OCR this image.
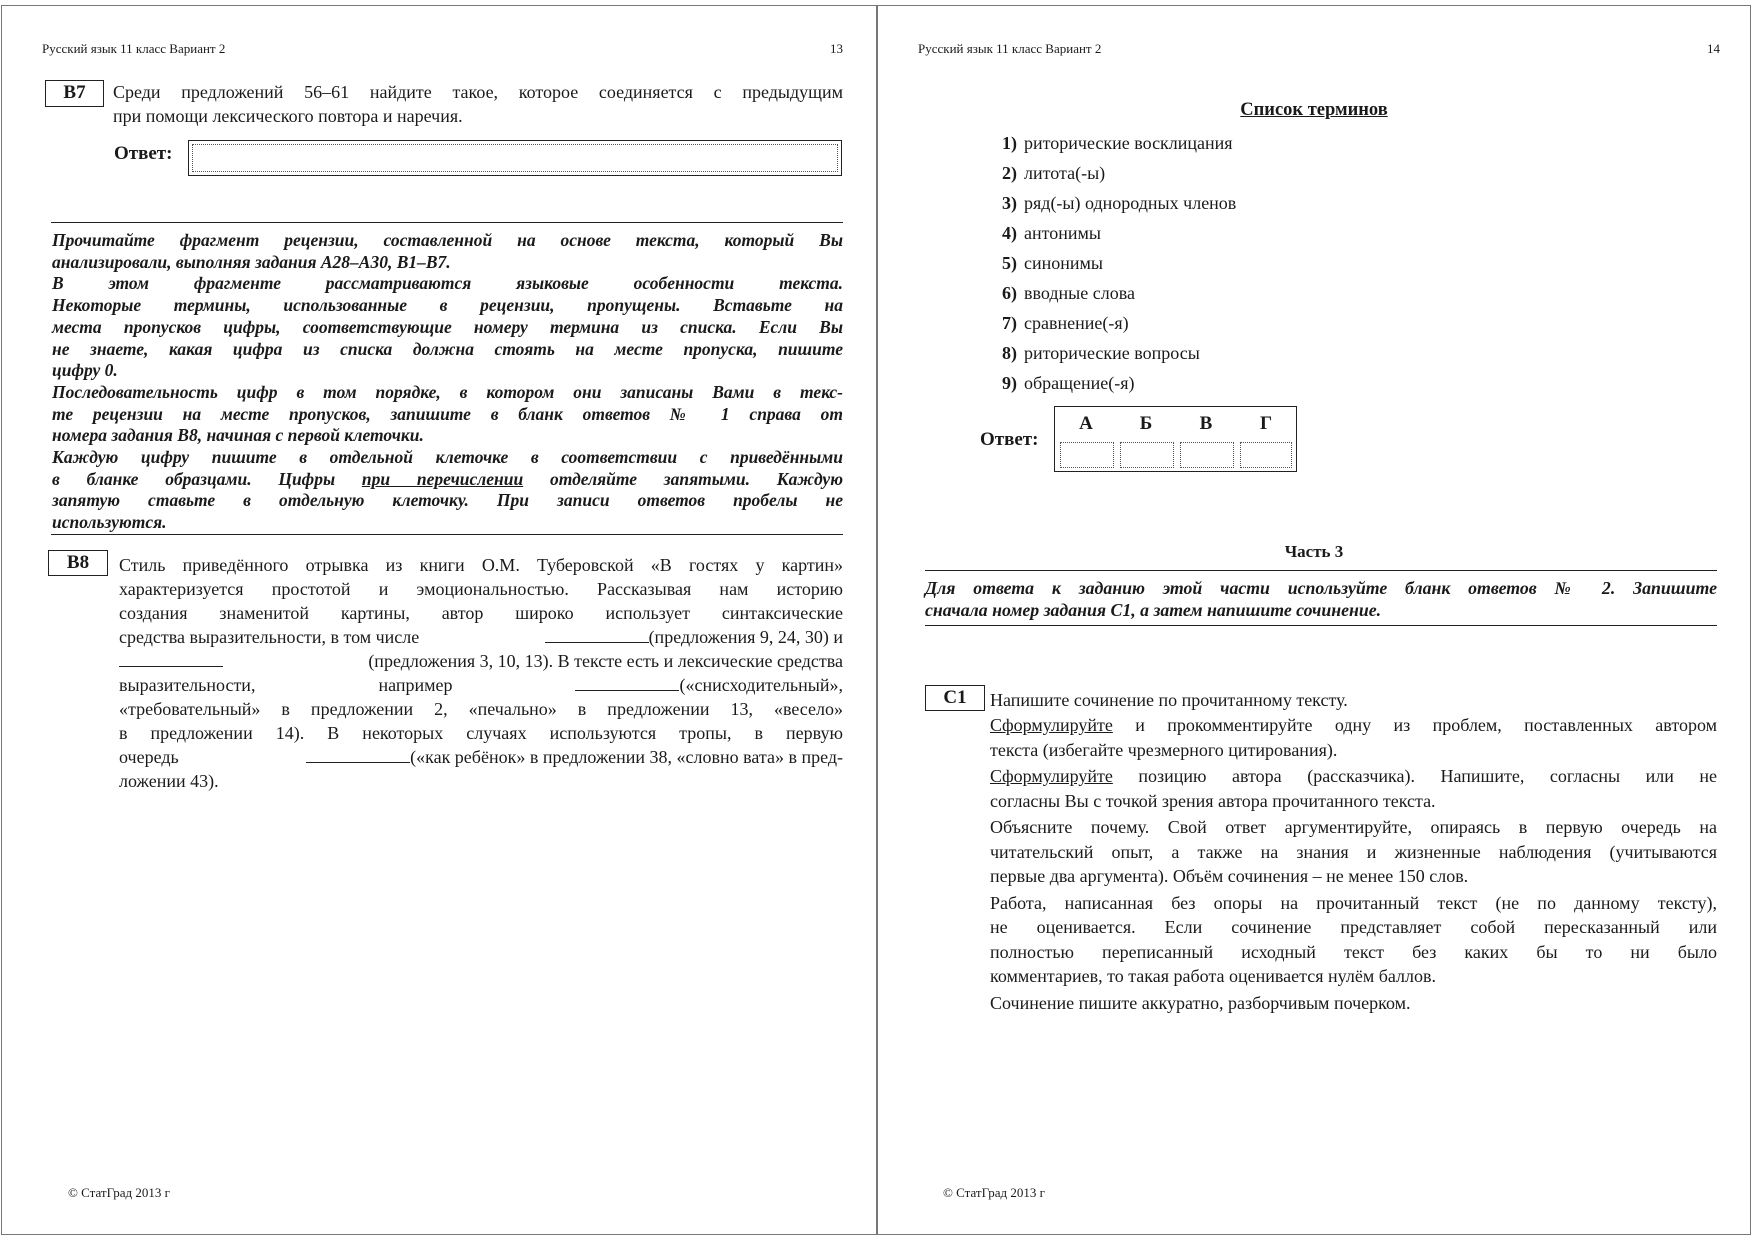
Русский язык 11 класс Вариант 2	13
B7	Среди предложений 56–61 найдите такое, которое соединяется с предыдущим
при помощи лексического повтора и наречия.
Ответ:
Прочитайте фрагмент рецензии, составленной на основе текста, который Вы
анализировали, выполняя задания А28–А30, В1–В7.
В этом фрагменте рассматриваются языковые особенности текста.
Некоторые термины, использованные в рецензии, пропущены. Вставьте на
места пропусков цифры, соответствующие номеру термина из списка. Если Вы
не знаете, какая цифра из списка должна стоять на месте пропуска, пишите
цифру 0.
Последовательность цифр в том порядке, в котором они записаны Вами в текс-
те рецензии на месте пропусков, запишите в бланк ответов № 1 справа от
номера задания В8, начиная с первой клеточки.
Каждую цифру пишите в отдельной клеточке в соответствии с приведёнными
в бланке образцами. Цифры при перечислении отделяйте запятыми. Каждую
запятую ставьте в отдельную клеточку. При записи ответов пробелы не
используются.
B8	Стиль приведённого отрывка из книги О.М. Туберовской «В гостях у картин»
характеризуется простотой и эмоциональностью. Рассказывая нам историю
создания знаменитой картины, автор широко использует синтаксические
средства выразительности, в том числе	(предложения 9, 24, 30) и
(предложения 3, 10, 13). В тексте есть и лексические средства
выразительности,	например	(«снисходительный»,
«требовательный» в предложении 2, «печально» в предложении 13, «весело»
в предложении 14). В некоторых случаях используются тропы, в первую
очередь	(«как ребёнок» в предложении 38, «словно вата» в пред-
ложении 43).
© СтатГрад 2013 г
Русский язык 11 класс Вариант 2	14
Список терминов
1) риторические восклицания
2) литота(-ы)
3) ряд(-ы) однородных членов
4) антонимы
5) синонимы
6) вводные слова
7) сравнение(-я)
8) риторические вопросы
9) обращение(-я)
Ответ:
А	Б	В	Г
Часть 3
Для ответа к заданию этой части используйте бланк ответов № 2. Запишите
сначала номер задания С1, а затем напишите сочинение.
C1	Напишите сочинение по прочитанному тексту.
Сформулируйте и прокомментируйте одну из проблем, поставленных автором
текста (избегайте чрезмерного цитирования).
Сформулируйте позицию автора (рассказчика). Напишите, согласны или не
согласны Вы с точкой зрения автора прочитанного текста.
Объясните почему. Свой ответ аргументируйте, опираясь в первую очередь на
читательский опыт, а также на знания и жизненные наблюдения (учитываются
первые два аргумента). Объём сочинения – не менее 150 слов.
Работа, написанная без опоры на прочитанный текст (не по данному тексту),
не оценивается. Если сочинение представляет собой пересказанный или
полностью переписанный исходный текст без каких бы то ни было
комментариев, то такая работа оценивается нулём баллов.
Сочинение пишите аккуратно, разборчивым почерком.
© СтатГрад 2013 г
